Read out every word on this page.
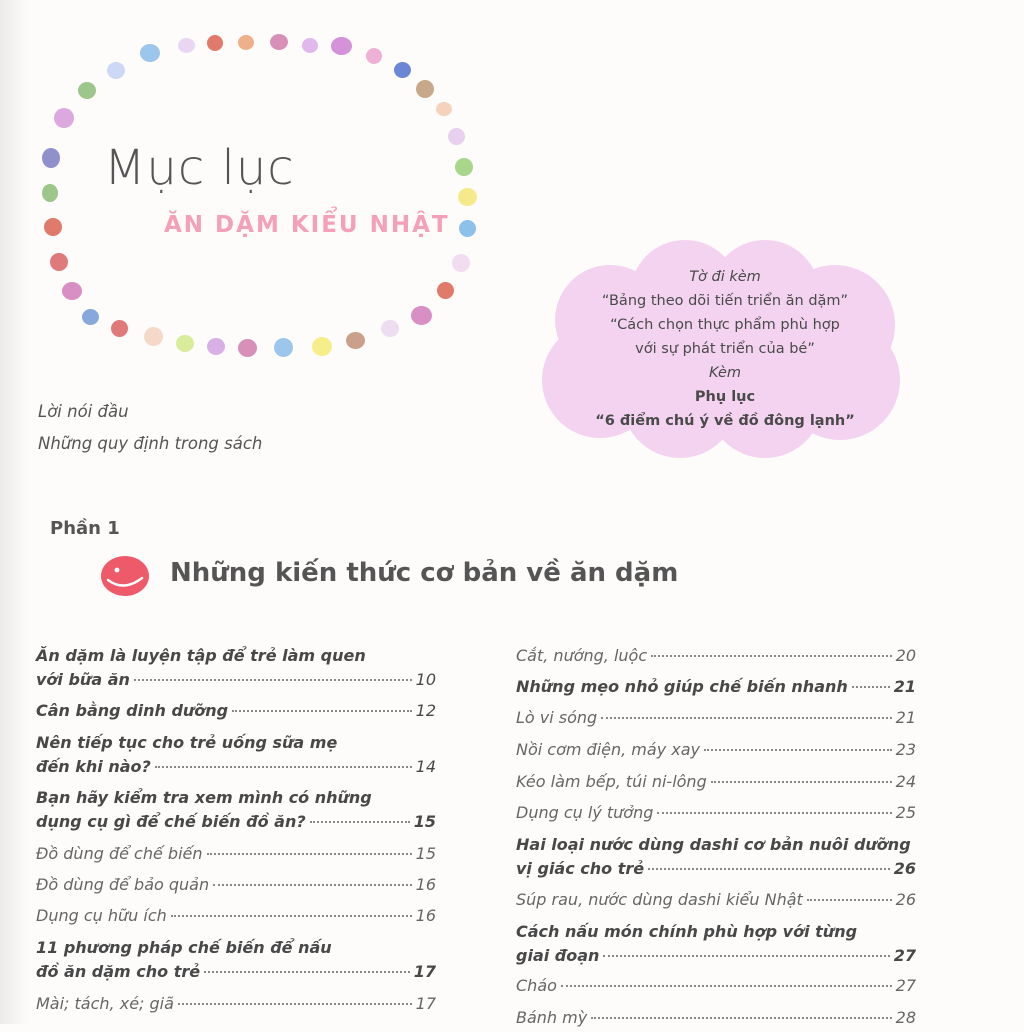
Mục lục
ĂN DẶM KIỂU NHẬT
Tờ đi kèm
“Bảng theo dõi tiến triển ăn dặm”
“Cách chọn thực phẩm phù hợp
với sự phát triển của bé”
Kèm
Phụ lục
“6 điểm chú ý về đồ đông lạnh”
Lời nói đầu
Những quy định trong sách
Phần 1
Những kiến thức cơ bản về ăn dặm
Ăn dặm là luyện tập để trẻ làm quen
với bữa ăn	10
Cân bằng dinh dưỡng	12
Nên tiếp tục cho trẻ uống sữa mẹ
đến khi nào?	14
Bạn hãy kiểm tra xem mình có những
dụng cụ gì để chế biến đồ ăn?	15
Đồ dùng để chế biến	15
Đồ dùng để bảo quản	16
Dụng cụ hữu ích	16
11 phương pháp chế biến để nấu
đồ ăn dặm cho trẻ	17
Mài; tách, xé; giã	17
Cắt, nướng, luộc	20
Những mẹo nhỏ giúp chế biến nhanh	21
Lò vi sóng	21
Nồi cơm điện, máy xay	23
Kéo làm bếp, túi ni-lông	24
Dụng cụ lý tưởng	25
Hai loại nước dùng dashi cơ bản nuôi dưỡng
vị giác cho trẻ	26
Súp rau, nước dùng dashi kiểu Nhật	26
Cách nấu món chính phù hợp với từng
giai đoạn	27
Cháo	27
Bánh mỳ	28
